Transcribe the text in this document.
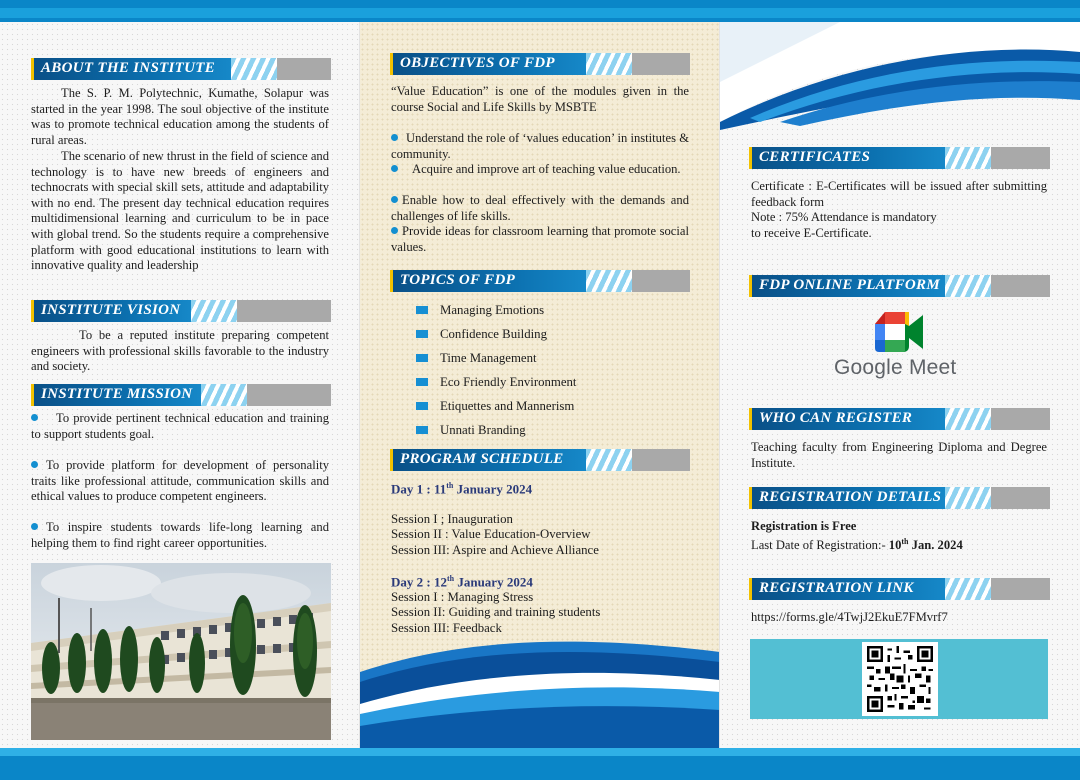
ABOUT THE INSTITUTE
The S. P. M. Polytechnic, Kumathe, Solapur was started in the year 1998. The soul objective of the institute was to promote technical education among the students of rural areas.
The scenario of new thrust in the field of science and technology is to have new breeds of engineers and technocrats with special skill sets, attitude and adaptability with no end. The present day technical education requires multidimensional learning and curriculum to be in pace with global trend. So the students require a comprehensive platform with good educational institutions to learn with innovative quality and leadership
INSTITUTE VISION
To be a reputed institute preparing competent engineers with professional skills favorable to the industry and society.
INSTITUTE MISSION
To provide pertinent technical education and training to support students goal.
To provide platform for development of personality traits like professional attitude, communication skills and ethical values to produce competent engineers.
To inspire students towards life-long learning and helping them to find right career opportunities.
OBJECTIVES OF FDP
“Value Education” is one of the modules given in the course Social and Life Skills by MSBTE
Understand the role of ‘values education’ in institutes & community.
Acquire and improve art of teaching value education.
Enable how to deal effectively with the demands and challenges of life skills.
Provide ideas for classroom learning that promote social values.
TOPICS OF FDP
Managing Emotions
Confidence Building
Time Management
Eco Friendly Environment
Etiquettes and Mannerism
Unnati Branding
PROGRAM SCHEDULE
Day 1 : 11th January 2024
Session I ; Inauguration
Session II : Value Education-Overview
Session III: Aspire and Achieve Alliance
Day 2 : 12th January 2024
Session I : Managing Stress
Session II: Guiding and training students
Session III: Feedback
CERTIFICATES
Certificate : E-Certificates will be issued after submitting feedback form
Note : 75% Attendance is mandatory
to receive E-Certificate.
FDP ONLINE PLATFORM
Google Meet
WHO CAN REGISTER
Teaching faculty from Engineering Diploma and Degree Institute.
REGISTRATION DETAILS
Registration is Free
Last Date of Registration:- 10th Jan. 2024
REGISTRATION LINK
https://forms.gle/4TwjJ2EkuE7FMvrf7
